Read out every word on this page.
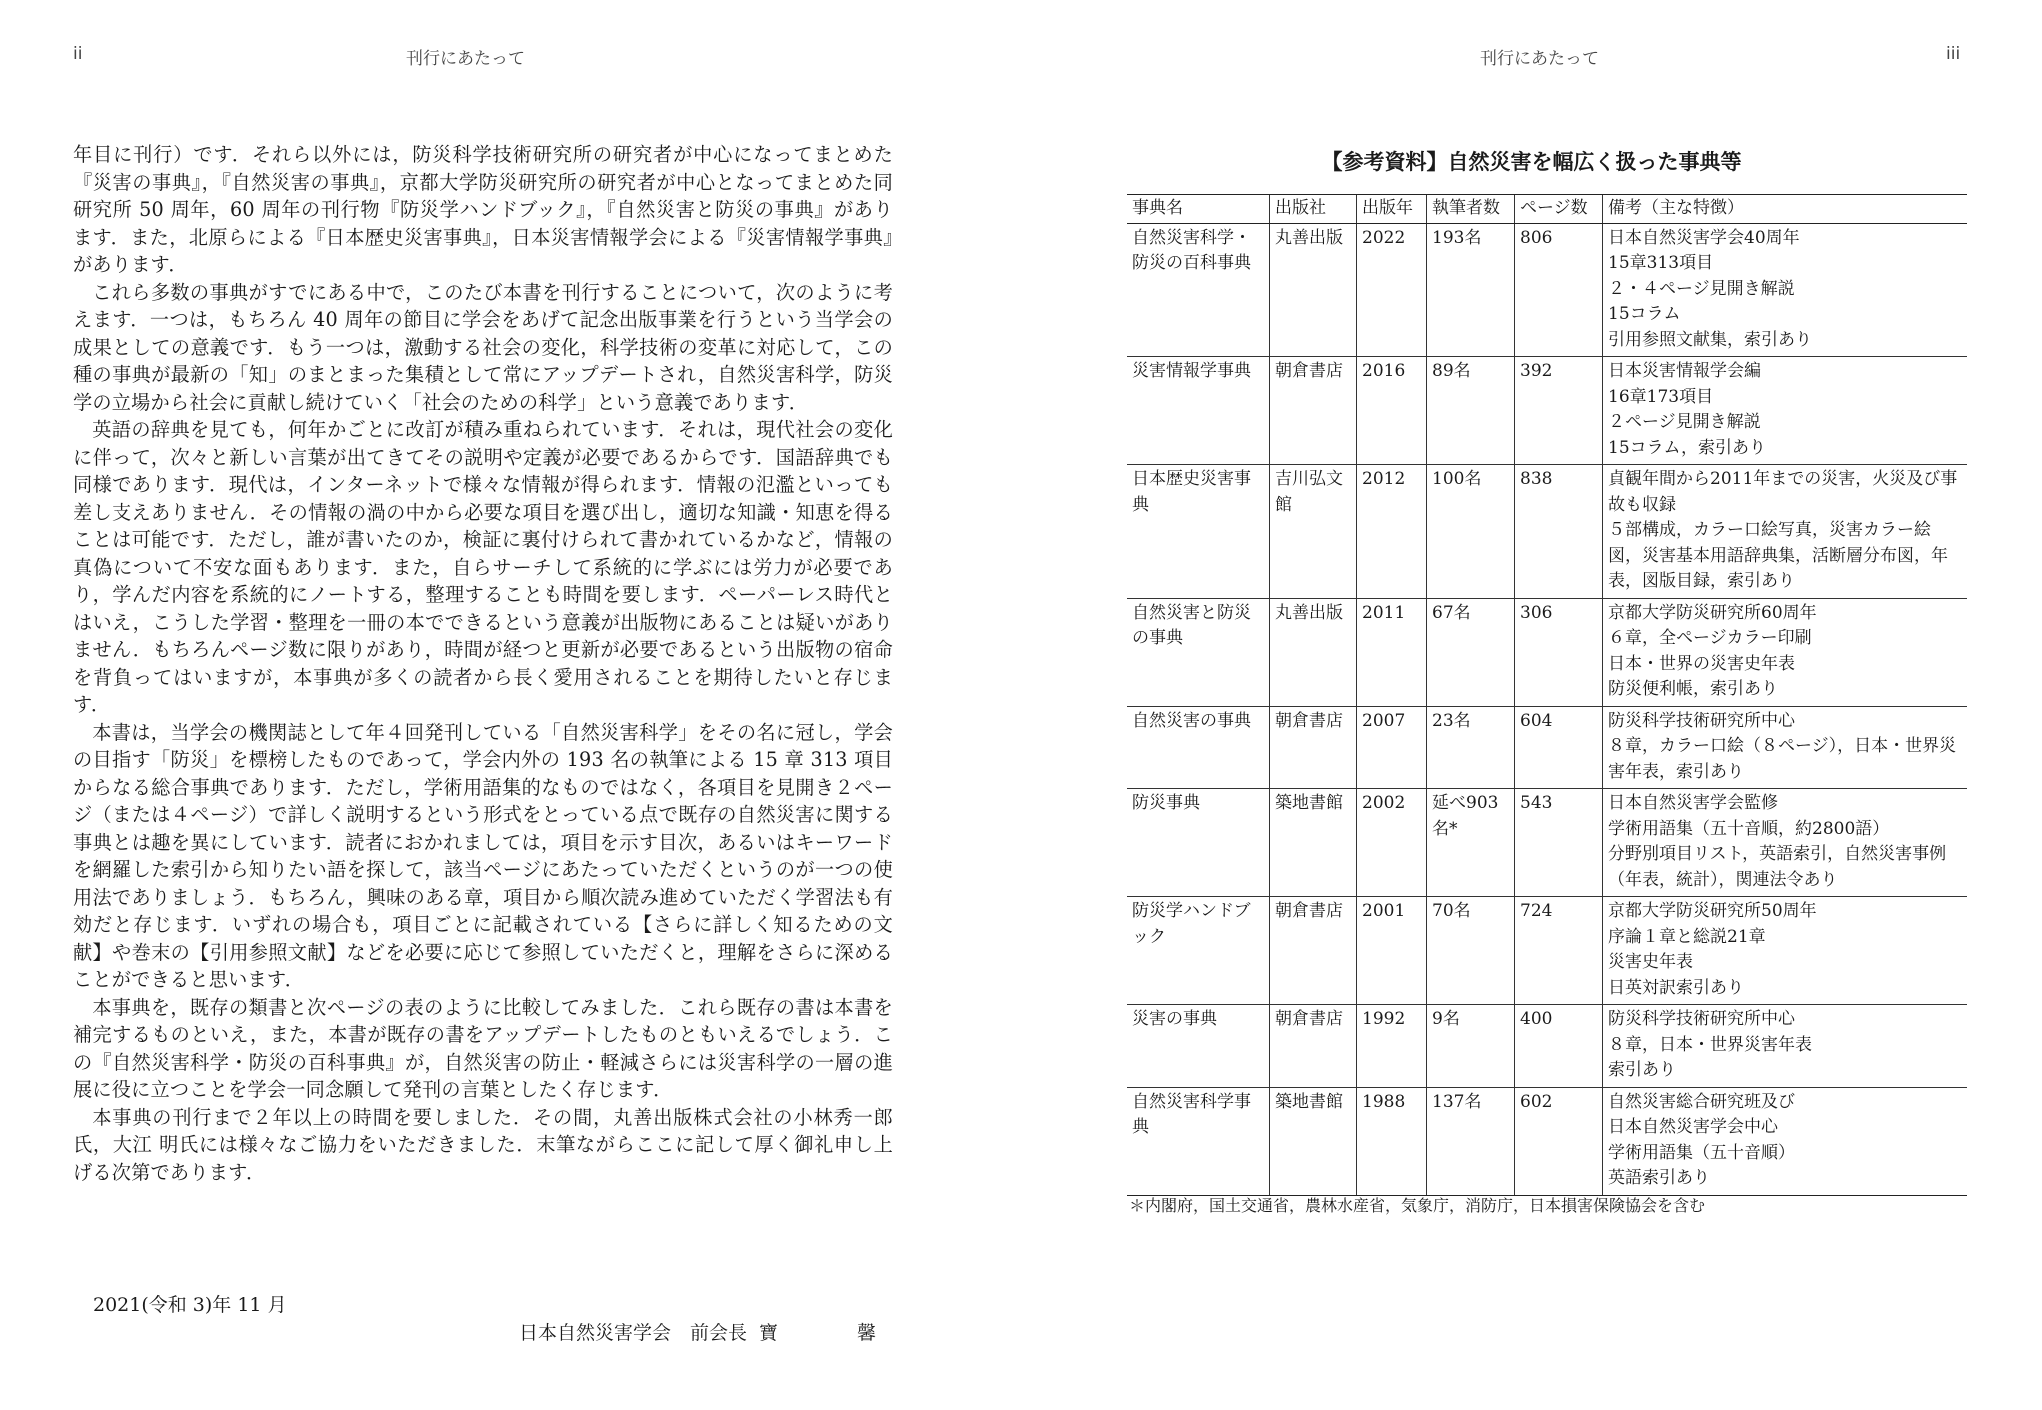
ii	刊行にあたって

年目に刊行）です．それら以外には，防災科学技術研究所の研究者が中心になってまとめた『災害の事典』，『自然災害の事典』，京都大学防災研究所の研究者が中心となってまとめた同研究所 50 周年，60 周年の刊行物『防災学ハンドブック』，『自然災害と防災の事典』があります．また，北原らによる『日本歴史災害事典』，日本災害情報学会による『災害情報学事典』があります．

これら多数の事典がすでにある中で，このたび本書を刊行することについて，次のように考えます．一つは，もちろん 40 周年の節目に学会をあげて記念出版事業を行うという当学会の成果としての意義です．もう一つは，激動する社会の変化，科学技術の変革に対応して，この種の事典が最新の「知」のまとまった集積として常にアップデートされ，自然災害科学，防災学の立場から社会に貢献し続けていく「社会のための科学」という意義であります．

英語の辞典を見ても，何年かごとに改訂が積み重ねられています．それは，現代社会の変化に伴って，次々と新しい言葉が出てきてその説明や定義が必要であるからです．国語辞典でも同様であります．現代は，インターネットで様々な情報が得られます．情報の氾濫といっても差し支えありません．その情報の渦の中から必要な項目を選び出し，適切な知識・知恵を得ることは可能です．ただし，誰が書いたのか，検証に裏付けられて書かれているかなど，情報の真偽について不安な面もあります．また，自らサーチして系統的に学ぶには労力が必要であり，学んだ内容を系統的にノートする，整理することも時間を要します．ペーパーレス時代とはいえ，こうした学習・整理を一冊の本でできるという意義が出版物にあることは疑いがありません．もちろんページ数に限りがあり，時間が経つと更新が必要であるという出版物の宿命を背負ってはいますが，本事典が多くの読者から長く愛用されることを期待したいと存じます．

本書は，当学会の機関誌として年４回発刊している「自然災害科学」をその名に冠し，学会の目指す「防災」を標榜したものであって，学会内外の 193 名の執筆による 15 章 313 項目からなる総合事典であります．ただし，学術用語集的なものではなく，各項目を見開き２ページ（または４ページ）で詳しく説明するという形式をとっている点で既存の自然災害に関する事典とは趣を異にしています．読者におかれましては，項目を示す目次，あるいはキーワードを網羅した索引から知りたい語を探して，該当ページにあたっていただくというのが一つの使用法でありましょう．もちろん，興味のある章，項目から順次読み進めていただく学習法も有効だと存じます．いずれの場合も，項目ごとに記載されている【さらに詳しく知るための文献】や巻末の【引用参照文献】などを必要に応じて参照していただくと，理解をさらに深めることができると思います．

本事典を，既存の類書と次ページの表のように比較してみました．これら既存の書は本書を補完するものといえ，また，本書が既存の書をアップデートしたものともいえるでしょう．この『自然災害科学・防災の百科事典』が，自然災害の防止・軽減さらには災害科学の一層の進展に役に立つことを学会一同念願して発刊の言葉としたく存じます．

本事典の刊行まで２年以上の時間を要しました．その間，丸善出版株式会社の小林秀一郎氏，大江 明氏には様々なご協力をいただきました．末筆ながらここに記して厚く御礼申し上げる次第であります．

2021(令和 3)年 11 月
日本自然災害学会　前会長 寶　馨
刊行にあたって	iii
【参考資料】自然災害を幅広く扱った事典等
事典名	出版社	出版年	執筆者数	ページ数	備考（主な特徴）
自然災害科学・防災の百科事典	丸善出版	2022	193名	806	日本自然災害学会40周年
15章313項目
２・４ページ見開き解説
15コラム
引用参照文献集，索引あり

災害情報学事典	朝倉書店	2016	89名	392	日本災害情報学会編
16章173項目
２ページ見開き解説
15コラム，索引あり

日本歴史災害事典	吉川弘文館	2012	100名	838	貞観年間から2011年までの災害，火災及び事故も収録
５部構成，カラー口絵写真，災害カラー絵図，災害基本用語辞典集，活断層分布図，年表，図版目録，索引あり

自然災害と防災の事典	丸善出版	2011	67名	306	京都大学防災研究所60周年
６章，全ページカラー印刷
日本・世界の災害史年表
防災便利帳，索引あり

自然災害の事典	朝倉書店	2007	23名	604	防災科学技術研究所中心
８章，カラー口絵（８ページ），日本・世界災害年表，索引あり

防災事典	築地書館	2002	延べ903名*	543	日本自然災害学会監修
学術用語集（五十音順，約2800語）
分野別項目リスト，英語索引，自然災害事例（年表，統計），関連法令あり

防災学ハンドブック	朝倉書店	2001	70名	724	京都大学防災研究所50周年
序論１章と総説21章
災害史年表
日英対訳索引あり

災害の事典	朝倉書店	1992	9名	400	防災科学技術研究所中心
８章，日本・世界災害年表
索引あり

自然災害科学事典	築地書館	1988	137名	602	自然災害総合研究班及び
日本自然災害学会中心
学術用語集（五十音順）
英語索引あり
＊内閣府，国土交通省，農林水産省，気象庁，消防庁，日本損害保険協会を含む
